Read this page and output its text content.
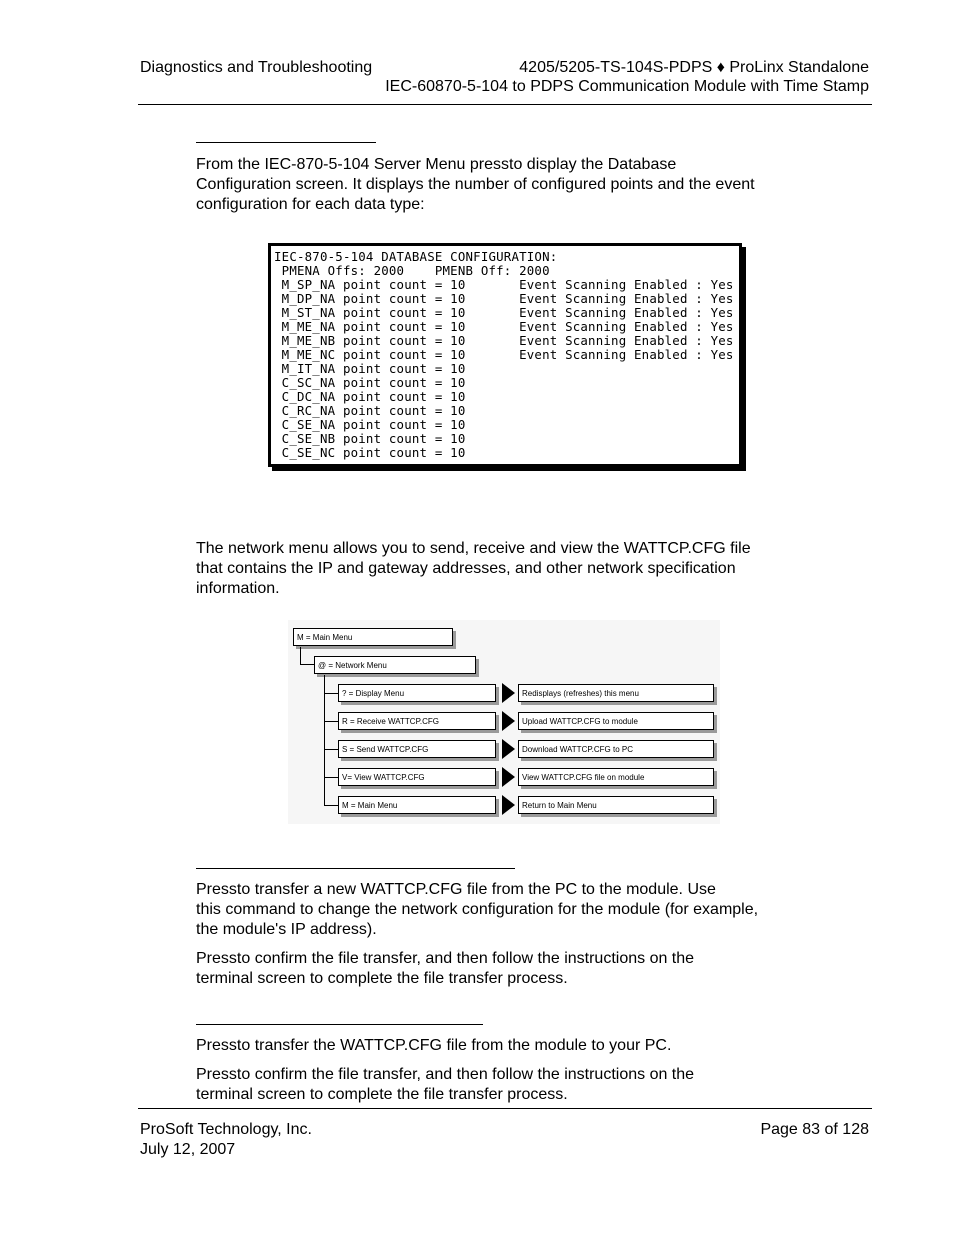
Diagnostics and Troubleshooting	4205/5205-TS-104S-PDPS ♦ ProLinx Standalone
IEC-60870-5-104 to PDPS Communication Module with Time Stamp
From the IEC-870-5-104 Server Menu pressto display the Database
Configuration screen. It displays the number of configured points and the event
configuration for each data type:
IEC-870-5-104 DATABASE CONFIGURATION:
PMENA Offs: 2000    PMENB Off: 2000
M_SP_NA point count = 10       Event Scanning Enabled : Yes
M_DP_NA point count = 10       Event Scanning Enabled : Yes
M_ST_NA point count = 10       Event Scanning Enabled : Yes
M_ME_NA point count = 10       Event Scanning Enabled : Yes
M_ME_NB point count = 10       Event Scanning Enabled : Yes
M_ME_NC point count = 10       Event Scanning Enabled : Yes
M_IT_NA point count = 10
C_SC_NA point count = 10
C_DC_NA point count = 10
C_RC_NA point count = 10
C_SE_NA point count = 10
C_SE_NB point count = 10
C_SE_NC point count = 10
The network menu allows you to send, receive and view the WATTCP.CFG file
that contains the IP and gateway addresses, and other network specification
information.
M = Main Menu
@ = Network Menu
? = Display Menu	Redisplays (refreshes) this menu
R = Receive WATTCP.CFG	Upload WATTCP.CFG to module
S = Send WATTCP.CFG	Download WATTCP.CFG to PC
V= View WATTCP.CFG	View WATTCP.CFG file on module
M = Main Menu	Return to Main Menu
Pressto transfer a new WATTCP.CFG file from the PC to the module. Use
this command to change the network configuration for the module (for example,
the module's IP address).
Pressto confirm the file transfer, and then follow the instructions on the
terminal screen to complete the file transfer process.
Pressto transfer the WATTCP.CFG file from the module to your PC.
Pressto confirm the file transfer, and then follow the instructions on the
terminal screen to complete the file transfer process.
ProSoft Technology, Inc.
July 12, 2007
Page 83 of 128
